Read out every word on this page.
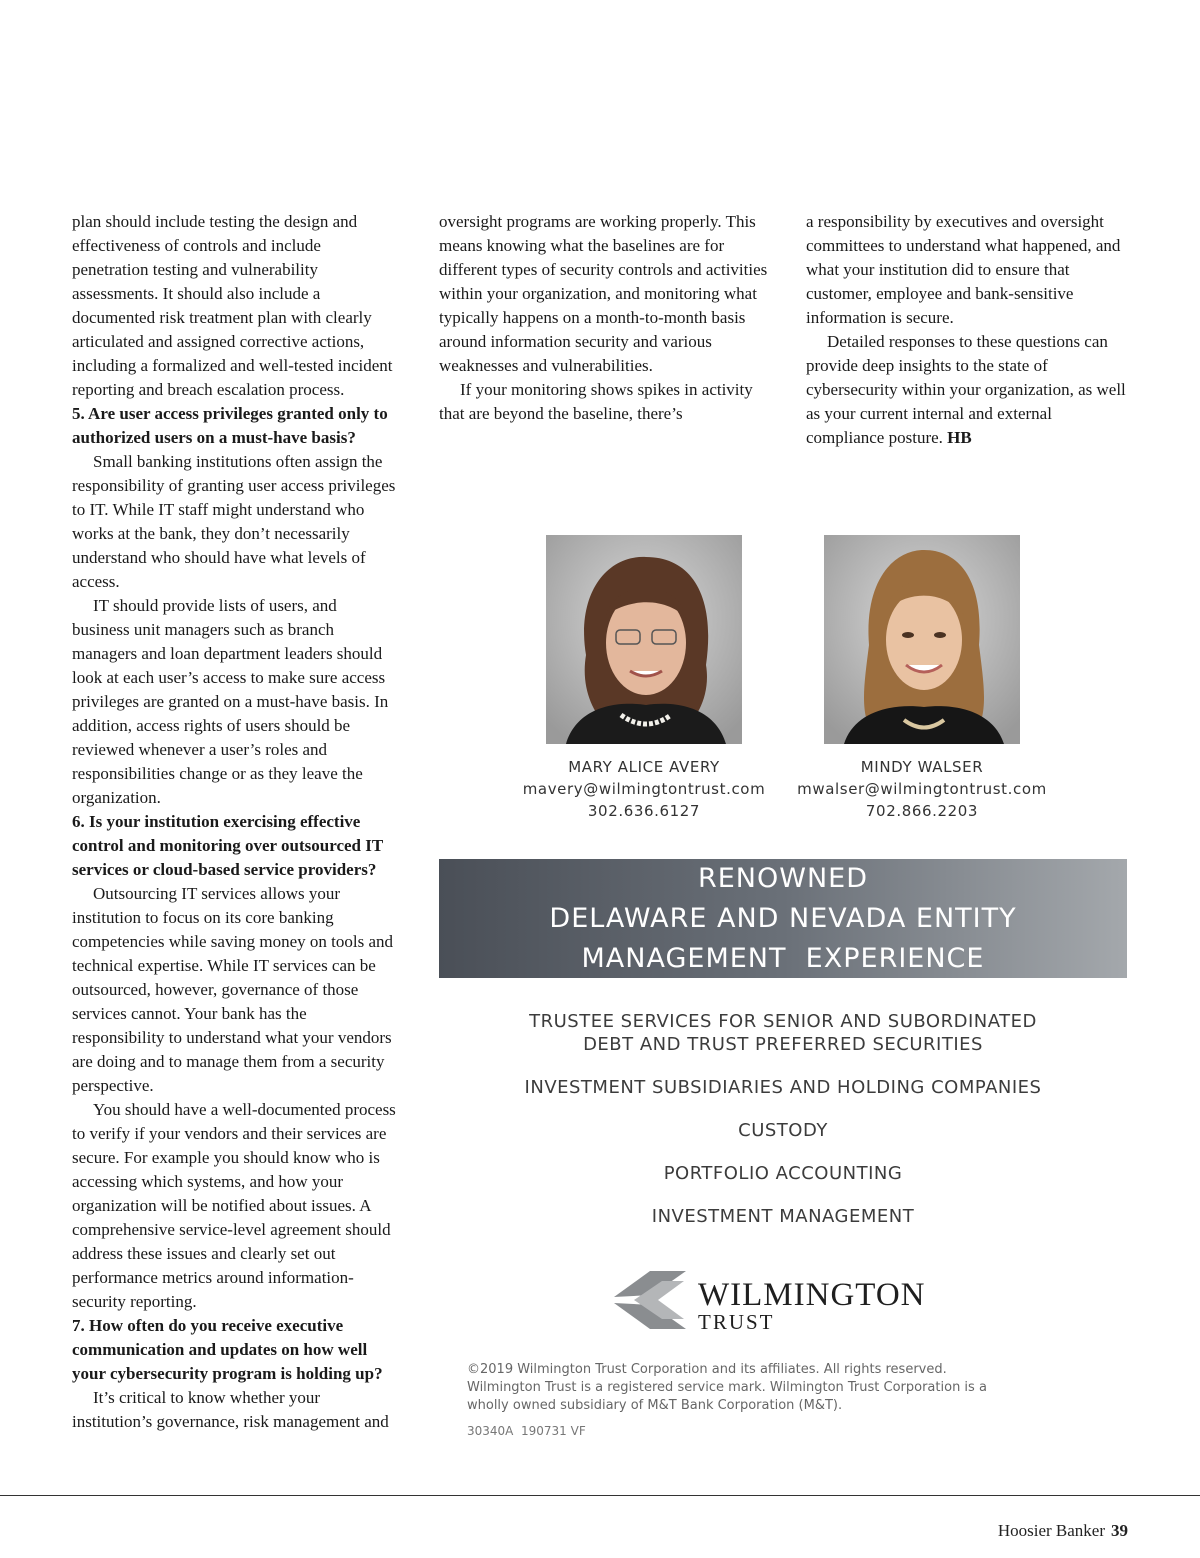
plan should include testing the design and effectiveness of controls and include penetration testing and vulnerability assessments. It should also include a documented risk treatment plan with clearly articulated and assigned corrective actions, including a formalized and well-tested incident reporting and breach escalation process.

5. Are user access privileges granted only to authorized users on a must-have basis?

Small banking institutions often assign the responsibility of granting user access privileges to IT. While IT staff might understand who works at the bank, they don’t necessarily understand who should have what levels of access.

IT should provide lists of users, and business unit managers such as branch managers and loan department leaders should look at each user’s access to make sure access privileges are granted on a must-have basis. In addition, access rights of users should be reviewed whenever a user’s roles and responsibilities change or as they leave the organization.

6. Is your institution exercising effective control and monitoring over outsourced IT services or cloud-based service providers?

Outsourcing IT services allows your institution to focus on its core banking competencies while saving money on tools and technical expertise. While IT services can be outsourced, however, governance of those services cannot. Your bank has the responsibility to understand what your vendors are doing and to manage them from a security perspective.

You should have a well-documented process to verify if your vendors and their services are secure. For example you should know who is accessing which systems, and how your organization will be notified about issues. A comprehensive service-level agreement should address these issues and clearly set out performance metrics around information-security reporting.

7. How often do you receive executive communication and updates on how well your cybersecurity program is holding up?

It’s critical to know whether your institution’s governance, risk management and

oversight programs are working properly. This means knowing what the baselines are for different types of security controls and activities within your organization, and monitoring what typically happens on a month-to-month basis around information security and various weaknesses and vulnerabilities.

If your monitoring shows spikes in activity that are beyond the baseline, there’s

a responsibility by executives and oversight committees to understand what happened, and what your institution did to ensure that customer, employee and bank-sensitive information is secure.

Detailed responses to these questions can provide deep insights to the state of cybersecurity within your organization, as well as your current internal and external compliance posture. HB

MARY ALICE AVERY
mavery@wilmingtontrust.com
302.636.6127
MINDY WALSER
mwalser@wilmingtontrust.com
702.866.2203
RENOWNED
DELAWARE AND NEVADA ENTITY
MANAGEMENT  EXPERIENCE
TRUSTEE SERVICES FOR SENIOR AND SUBORDINATED
DEBT AND TRUST PREFERRED SECURITIES
INVESTMENT SUBSIDIARIES AND HOLDING COMPANIES
CUSTODY
PORTFOLIO ACCOUNTING
INVESTMENT MANAGEMENT
WILMINGTON
TRUST
©2019 Wilmington Trust Corporation and its affiliates. All rights reserved.
Wilmington Trust is a registered service mark. Wilmington Trust Corporation is a
wholly owned subsidiary of M&T Bank Corporation (M&T).
30340A  190731 VF
Hoosier Banker 39
